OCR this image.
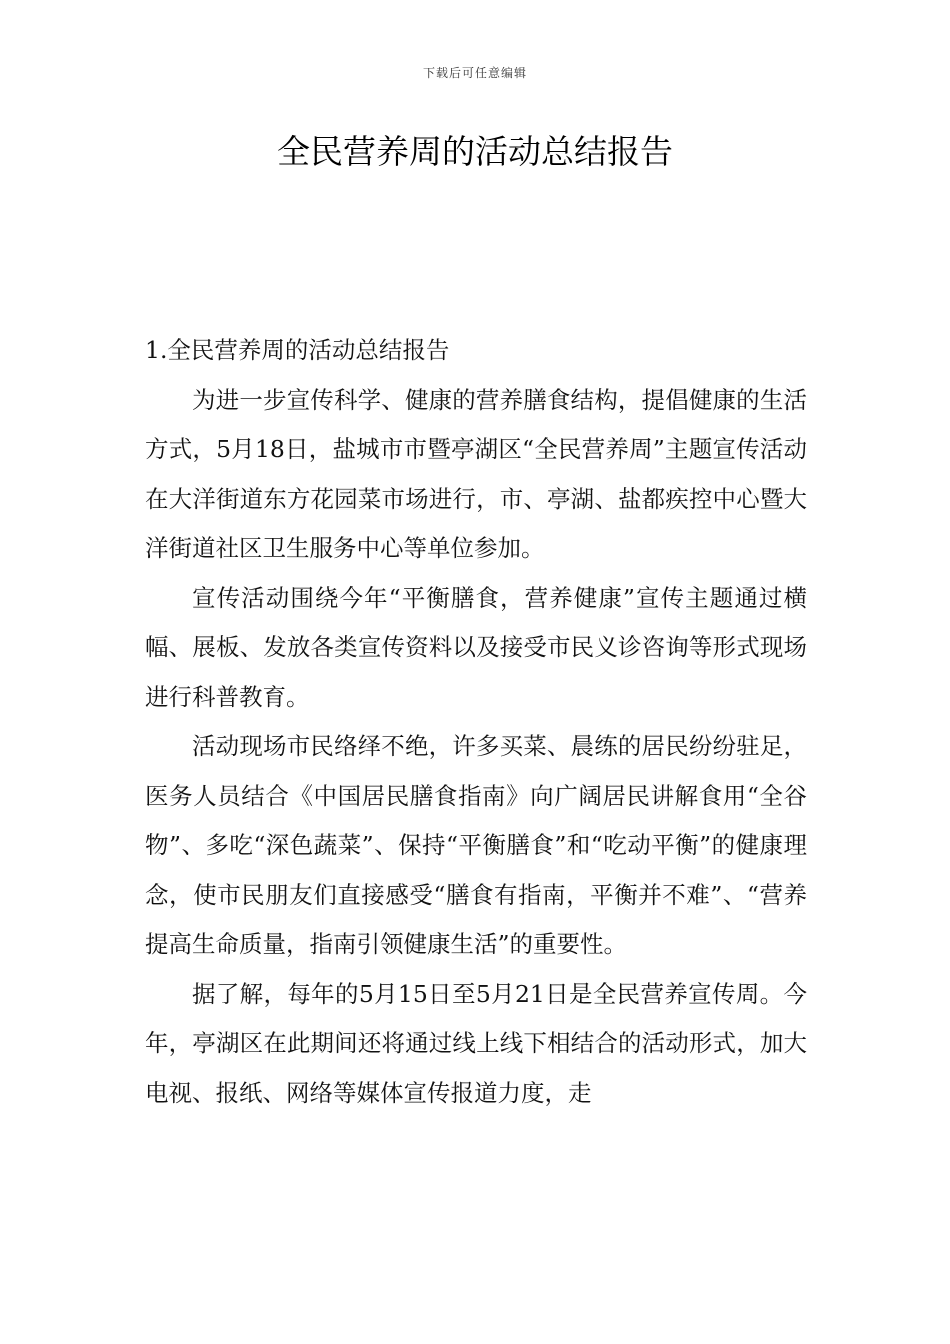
下载后可任意编辑
全民营养周的活动总结报告

1.全民营养周的活动总结报告

为进一步宣传科学、健康的营养膳食结构，提倡健康的生活方式，5月18日，盐城市市暨亭湖区“全民营养周”主题宣传活动在大洋街道东方花园菜市场进行，市、亭湖、盐都疾控中心暨大洋街道社区卫生服务中心等单位参加。

宣传活动围绕今年“平衡膳食，营养健康”宣传主题通过横幅、展板、发放各类宣传资料以及接受市民义诊咨询等形式现场进行科普教育。

活动现场市民络绎不绝，许多买菜、晨练的居民纷纷驻足，医务人员结合《中国居民膳食指南》向广阔居民讲解食用“全谷物”、多吃“深色蔬菜”、保持“平衡膳食”和“吃动平衡”的健康理念，使市民朋友们直接感受“膳食有指南，平衡并不难”、“营养提高生命质量，指南引领健康生活”的重要性。

据了解，每年的5月15日至5月21日是全民营养宣传周。今年，亭湖区在此期间还将通过线上线下相结合的活动形式，加大电视、报纸、网络等媒体宣传报道力度，走
